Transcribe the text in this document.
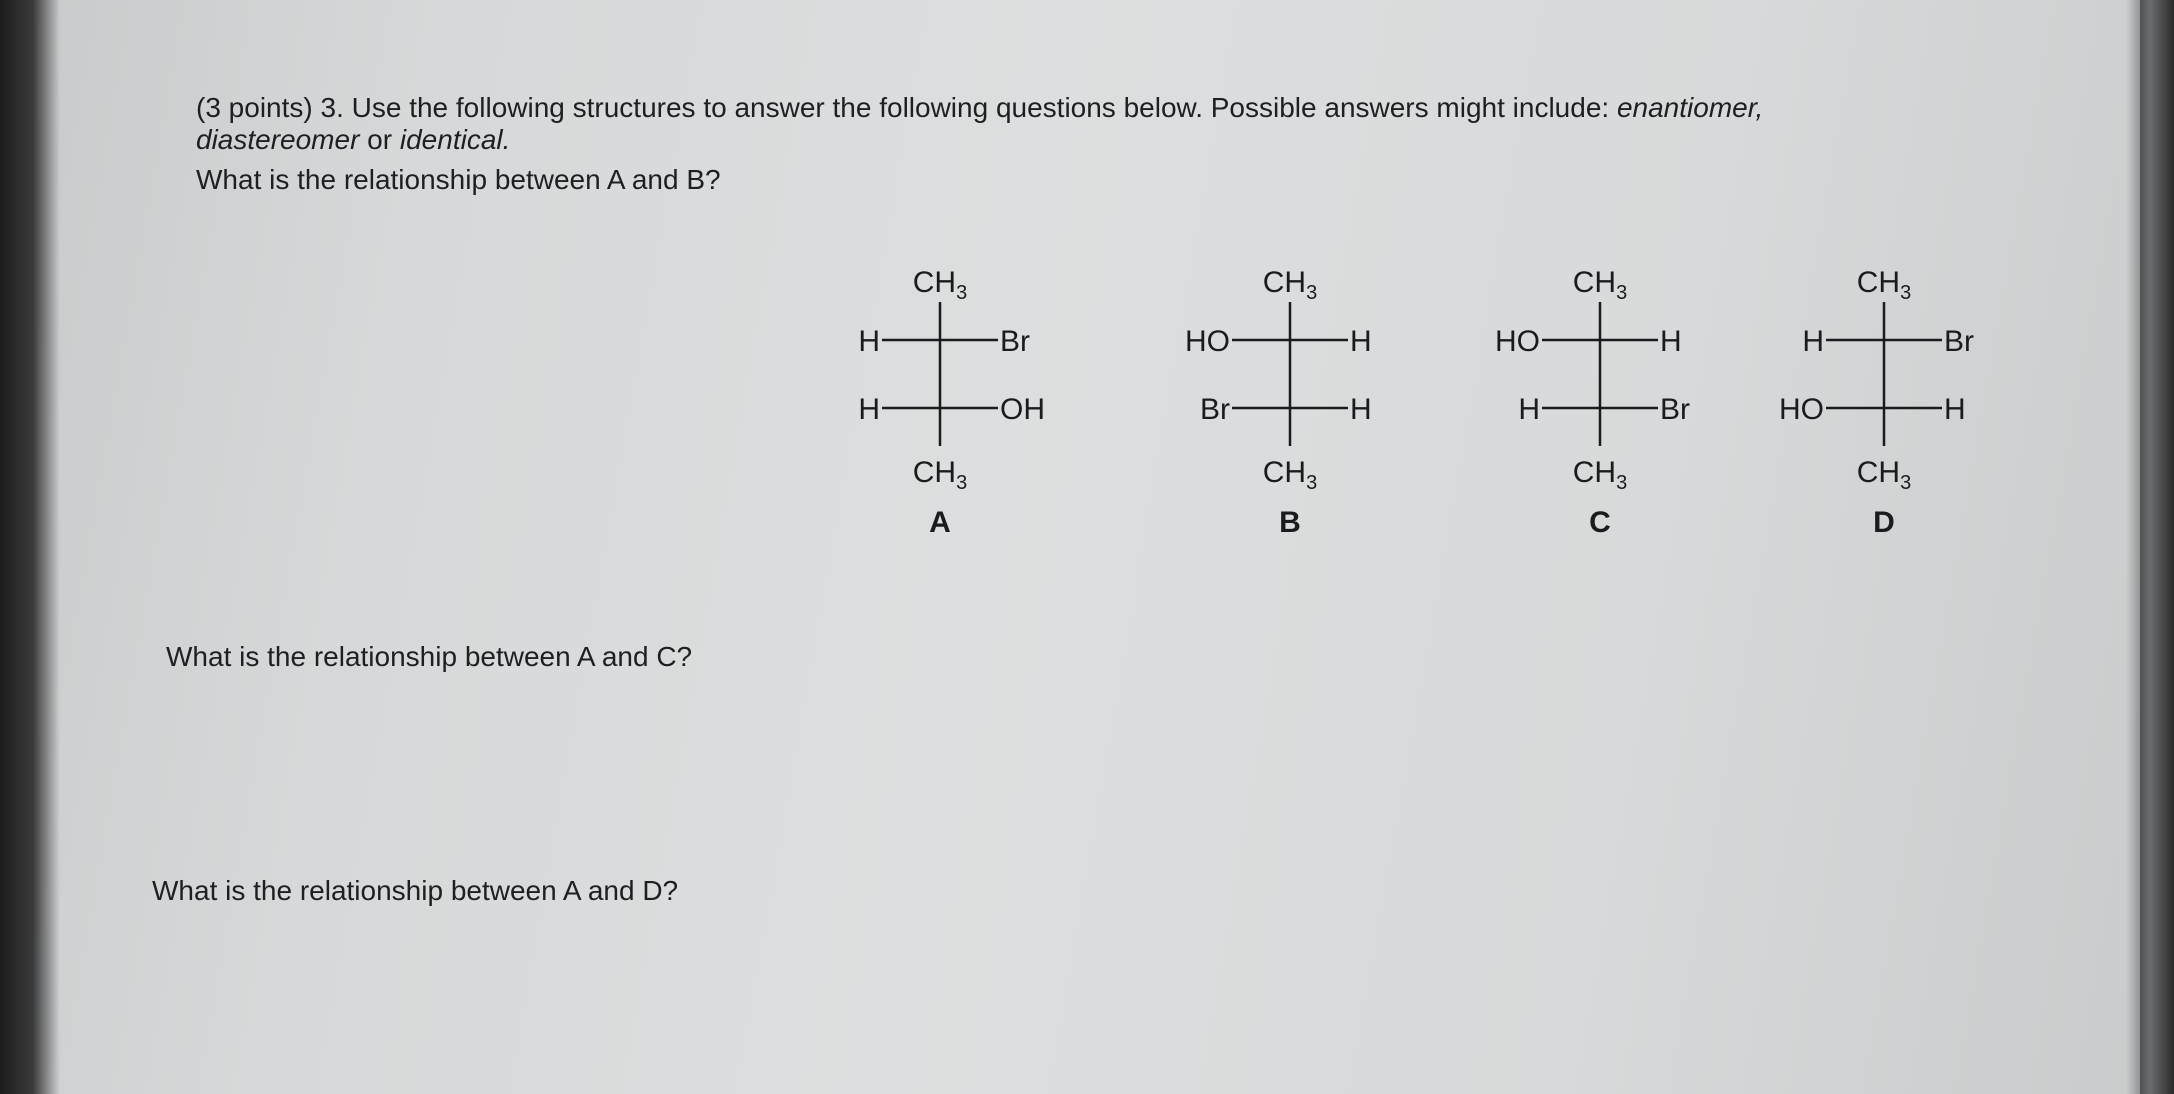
(3 points) 3. Use the following structures to answer the following questions below. Possible answers might include: enantiomer,
diastereomer or identical.
What is the relationship between A and B?
What is the relationship between A and C?
What is the relationship between A and D?
$CH_3$
H	Br
H	OH
$CH_3$
A
$CH_3$
HO	H
Br	H
$CH_3$
B
$CH_3$
HO	H
H	Br
$CH_3$
C
$CH_3$
H	Br
HO	H
$CH_3$
D
